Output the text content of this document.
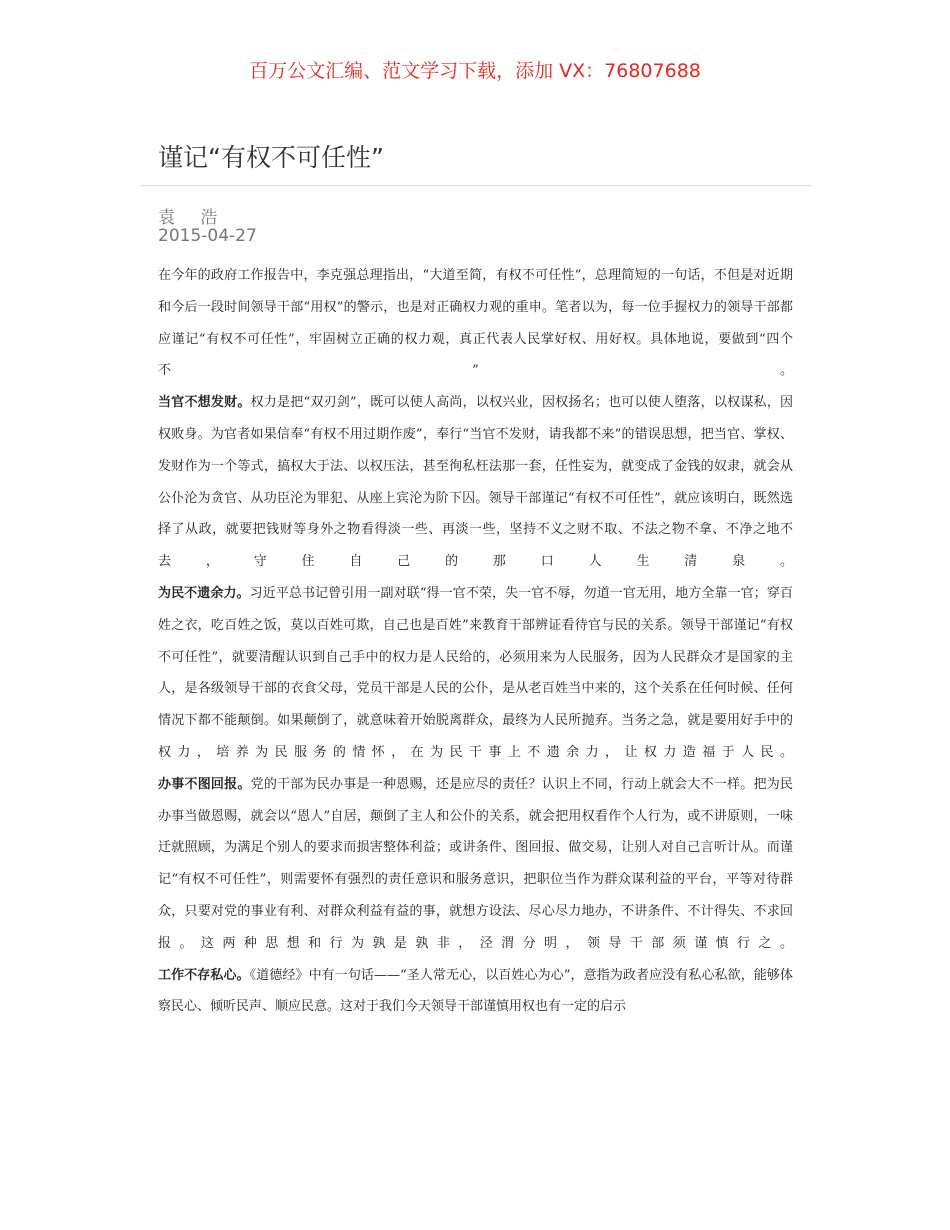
百万公文汇编、范文学习下载，添加 VX：76807688
谨记“有权不可任性”
袁 浩
2015-04-27

在今年的政府工作报告中，李克强总理指出，“大道至简，有权不可任性”，总理简短的一句话，不但是对近期和今后一段时间领导干部“用权”的警示，也是对正确权力观的重申。笔者以为，每一位手握权力的领导干部都应谨记“有权不可任性”，牢固树立正确的权力观，真正代表人民掌好权、用好权。具体地说，要做到“四个不”。

当官不想发财。权力是把“双刃剑”，既可以使人高尚，以权兴业，因权扬名；也可以使人堕落，以权谋私，因权败身。为官者如果信奉“有权不用过期作废”，奉行“当官不发财，请我都不来”的错误思想，把当官、掌权、发财作为一个等式，搞权大于法、以权压法，甚至徇私枉法那一套，任性妄为，就变成了金钱的奴隶，就会从公仆沦为贪官、从功臣沦为罪犯、从座上宾沦为阶下囚。领导干部谨记“有权不可任性”，就应该明白，既然选择了从政，就要把钱财等身外之物看得淡一些、再淡一些，坚持不义之财不取、不法之物不拿、不净之地不去，守住自己的那口人生清泉。

为民不遗余力。习近平总书记曾引用一副对联“得一官不荣，失一官不辱，勿道一官无用，地方全靠一官；穿百姓之衣，吃百姓之饭，莫以百姓可欺，自己也是百姓”来教育干部辨证看待官与民的关系。领导干部谨记“有权不可任性”，就要清醒认识到自己手中的权力是人民给的，必须用来为人民服务，因为人民群众才是国家的主人，是各级领导干部的衣食父母，党员干部是人民的公仆，是从老百姓当中来的，这个关系在任何时候、任何情况下都不能颠倒。如果颠倒了，就意味着开始脱离群众，最终为人民所抛弃。当务之急，就是要用好手中的权力，培养为民服务的情怀，在为民干事上不遗余力，让权力造福于人民。

办事不图回报。党的干部为民办事是一种恩赐，还是应尽的责任？认识上不同，行动上就会大不一样。把为民办事当做恩赐，就会以“恩人”自居，颠倒了主人和公仆的关系，就会把用权看作个人行为，或不讲原则，一味迁就照顾，为满足个别人的要求而损害整体利益；或讲条件、图回报、做交易，让别人对自己言听计从。而谨记“有权不可任性”，则需要怀有强烈的责任意识和服务意识，把职位当作为群众谋利益的平台，平等对待群众，只要对党的事业有利、对群众利益有益的事，就想方设法、尽心尽力地办，不讲条件、不计得失、不求回报。这两种思想和行为孰是孰非，泾渭分明，领导干部须谨慎行之。

工作不存私心。《道德经》中有一句话——“圣人常无心，以百姓心为心”，意指为政者应没有私心私欲，能够体察民心、倾听民声、顺应民意。这对于我们今天领导干部谨慎用权也有一定的启示
